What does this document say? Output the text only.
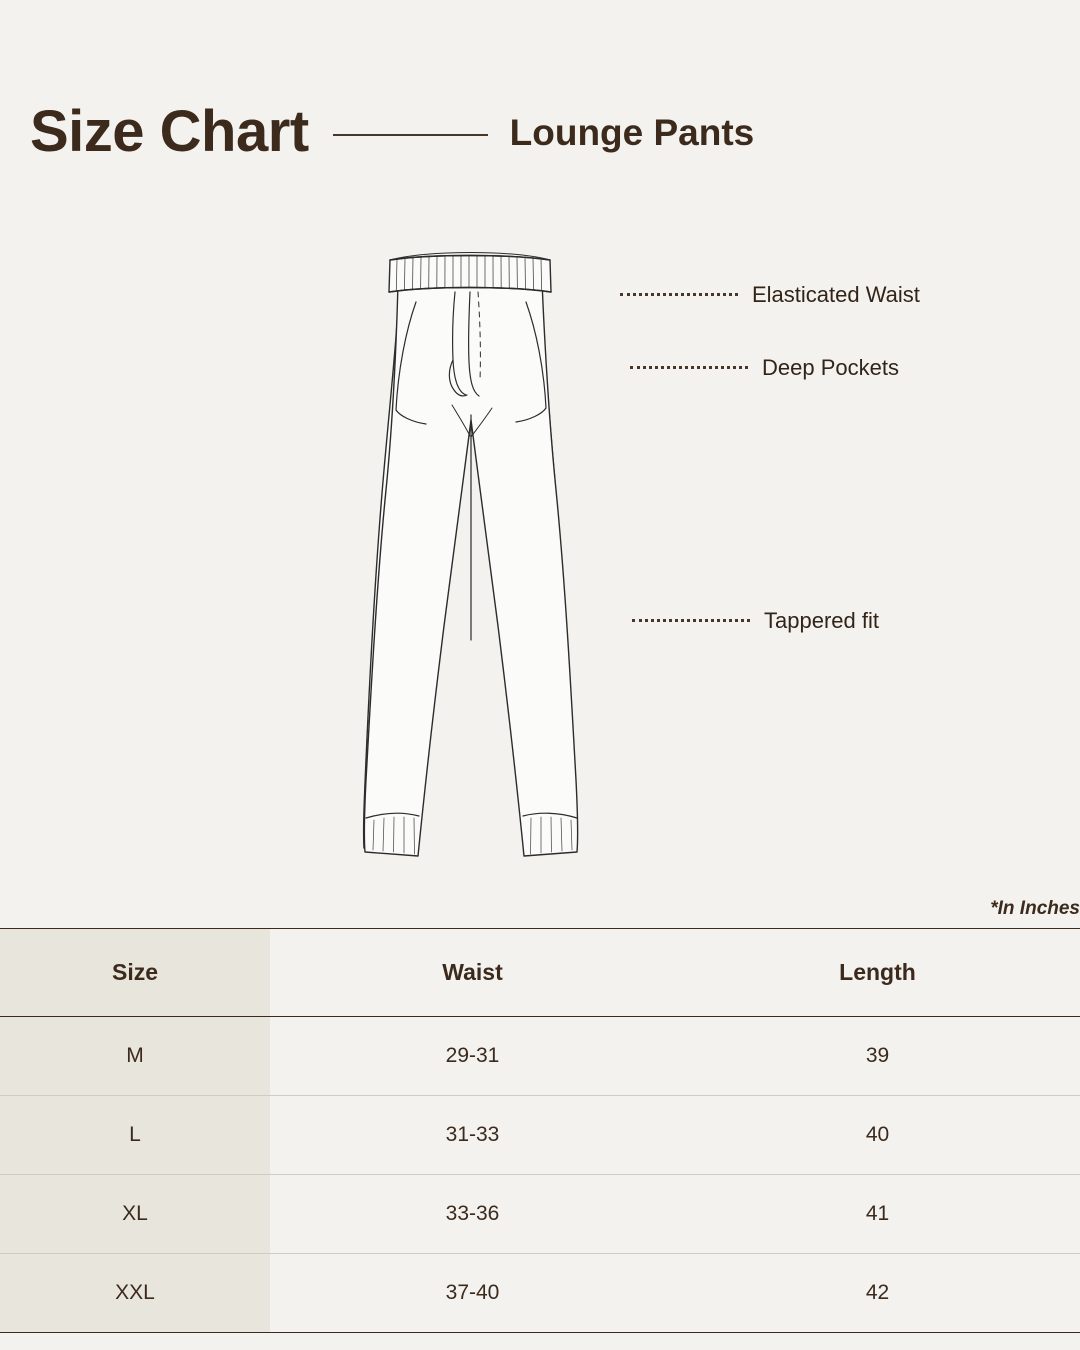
Size Chart	Lounge Pants
Elasticated Waist
Deep Pockets
Tappered fit
*In Inches
Size	Waist	Length
M	29-31	39
L	31-33	40
XL	33-36	41
XXL	37-40	42
